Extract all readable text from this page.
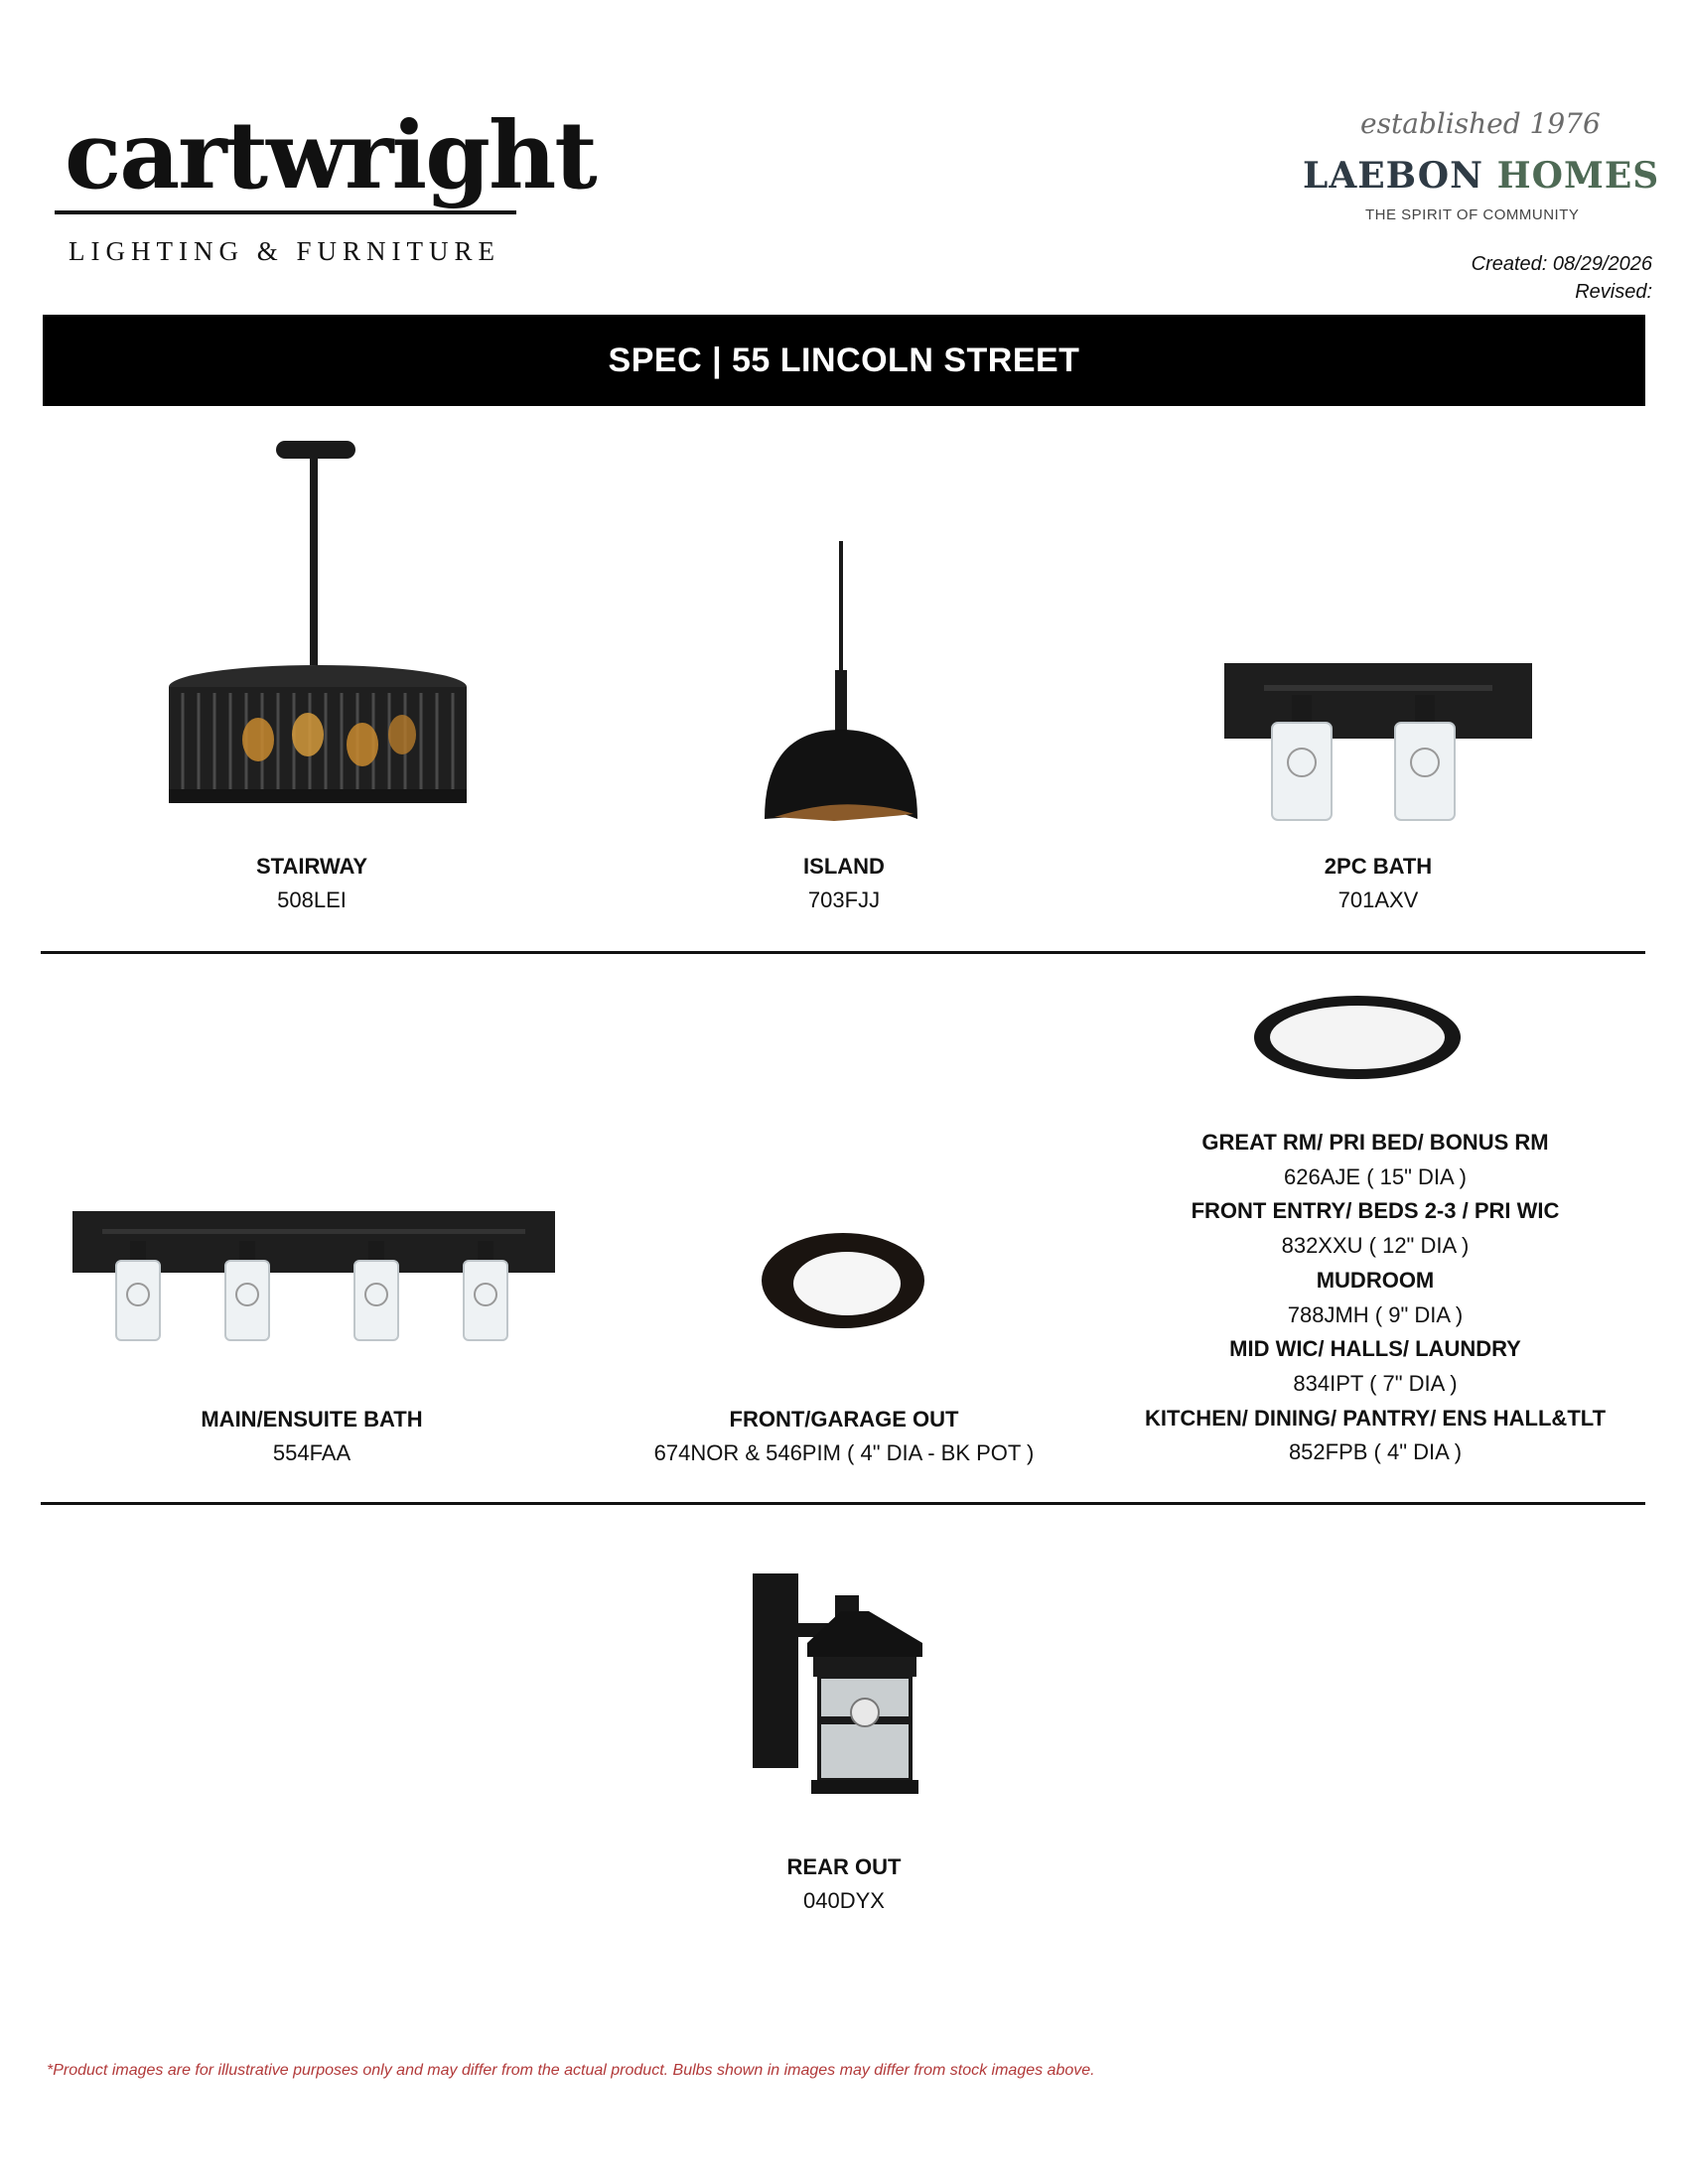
cartwright
LIGHTING & FURNITURE
established 1976
LAEBON HOMES
THE SPIRIT OF COMMUNITY
Created: 08/29/2026
Revised:
SPEC | 55 LINCOLN STREET
STAIRWAY
508LEI
ISLAND
703FJJ
2PC BATH
701AXV
MAIN/ENSUITE BATH
554FAA
FRONT/GARAGE OUT
674NOR & 546PIM ( 4" DIA - BK POT )
GREAT RM/ PRI BED/ BONUS RM
626AJE ( 15" DIA )
FRONT ENTRY/ BEDS 2-3 / PRI WIC
832XXU ( 12" DIA )
MUDROOM
788JMH ( 9" DIA )
MID WIC/ HALLS/ LAUNDRY
834IPT ( 7" DIA )
KITCHEN/ DINING/ PANTRY/ ENS HALL&TLT
852FPB ( 4" DIA )
REAR OUT
040DYX
*Product images are for illustrative purposes only and may differ from the actual product. Bulbs shown in images may differ from stock images above.
